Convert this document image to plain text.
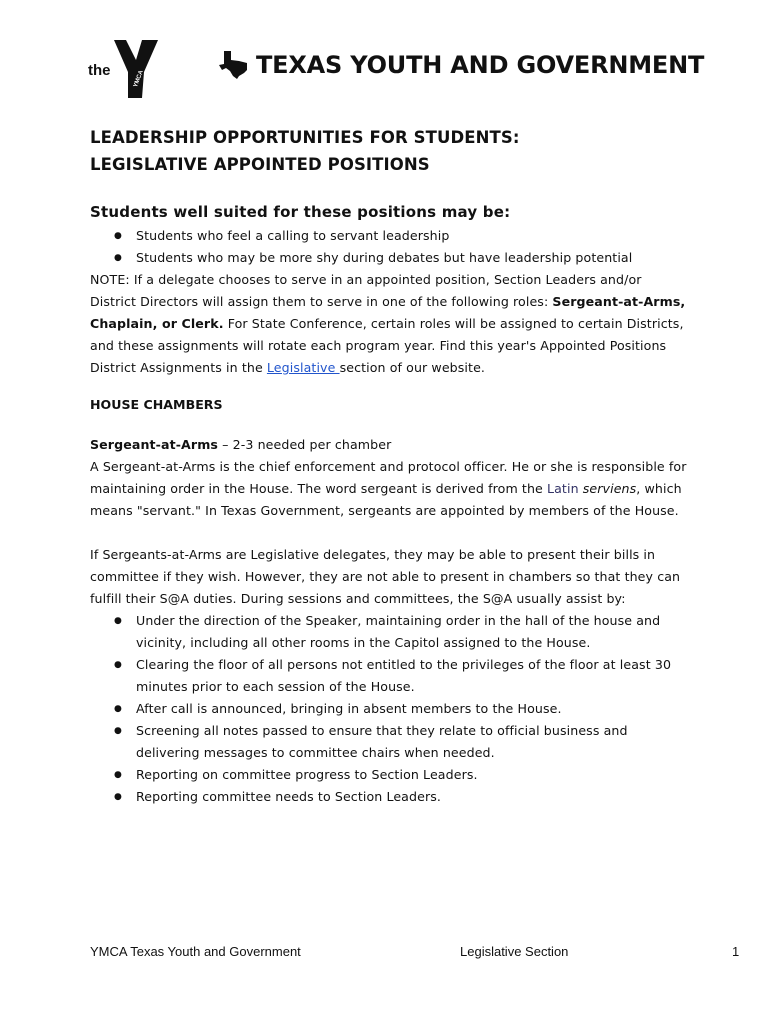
the	YMCA	TEXAS YOUTH AND GOVERNMENT

LEADERSHIP OPPORTUNITIES FOR STUDENTS:

LEGISLATIVE APPOINTED POSITIONS

Students well suited for these positions may be:

● Students who feel a calling to servant leadership
● Students who may be more shy during debates but have leadership potential

NOTE: If a delegate chooses to serve in an appointed position, Section Leaders and/or District Directors will assign them to serve in one of the following roles: Sergeant-at-Arms, Chaplain, or Clerk. For State Conference, certain roles will be assigned to certain Districts, and these assignments will rotate each program year. Find this year's Appointed Positions District Assignments in the Legislative section of our website.

HOUSE CHAMBERS

Sergeant-at-Arms – 2-3 needed per chamber

A Sergeant-at-Arms is the chief enforcement and protocol officer. He or she is responsible for maintaining order in the House. The word sergeant is derived from the Latin serviens, which means "servant." In Texas Government, sergeants are appointed by members of the House.

If Sergeants-at-Arms are Legislative delegates, they may be able to present their bills in committee if they wish. However, they are not able to present in chambers so that they can fulfill their S@A duties. During sessions and committees, the S@A usually assist by:

● Under the direction of the Speaker, maintaining order in the hall of the house and vicinity, including all other rooms in the Capitol assigned to the House.
● Clearing the floor of all persons not entitled to the privileges of the floor at least 30 minutes prior to each session of the House.
● After call is announced, bringing in absent members to the House.
● Screening all notes passed to ensure that they relate to official business and delivering messages to committee chairs when needed.
● Reporting on committee progress to Section Leaders.
● Reporting committee needs to Section Leaders.
YMCA Texas Youth and Government	Legislative Section	1
